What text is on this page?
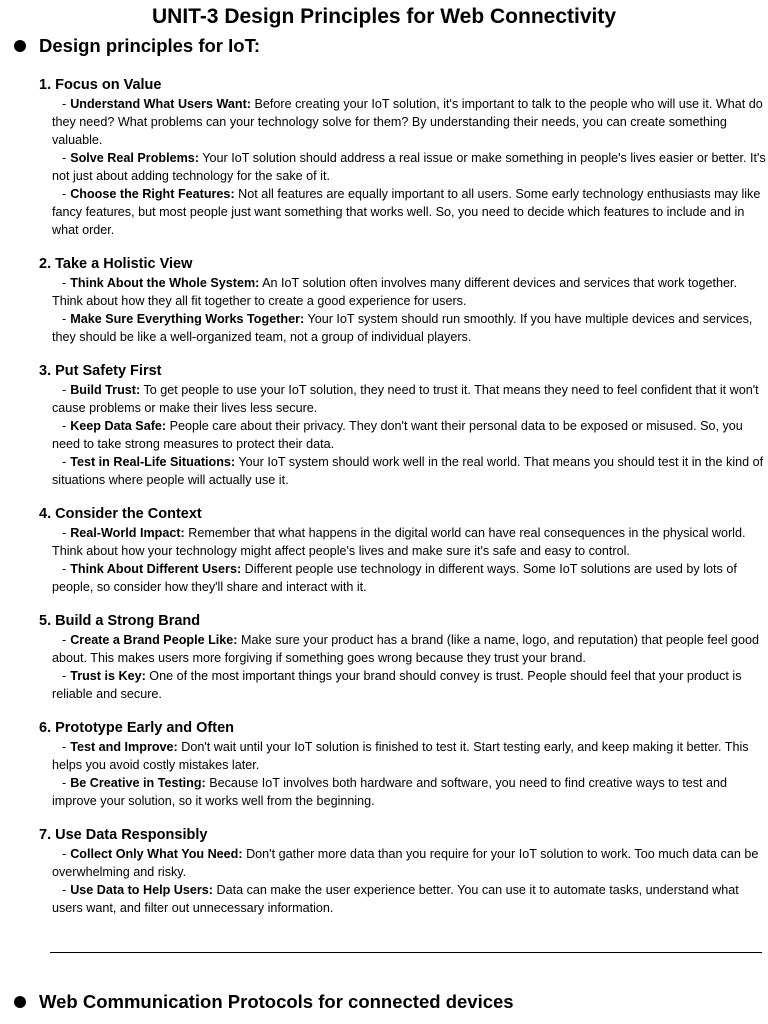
UNIT-3 Design Principles for Web Connectivity
Design principles for IoT:
1. Focus on Value

- Understand What Users Want: Before creating your IoT solution, it's important to talk to the people who will use it. What do they need? What problems can your technology solve for them? By understanding their needs, you can create something valuable.

- Solve Real Problems: Your IoT solution should address a real issue or make something in people's lives easier or better. It's not just about adding technology for the sake of it.

- Choose the Right Features: Not all features are equally important to all users. Some early technology enthusiasts may like fancy features, but most people just want something that works well. So, you need to decide which features to include and in what order.

2. Take a Holistic View

- Think About the Whole System: An IoT solution often involves many different devices and services that work together. Think about how they all fit together to create a good experience for users.

- Make Sure Everything Works Together: Your IoT system should run smoothly. If you have multiple devices and services, they should be like a well-organized team, not a group of individual players.

3. Put Safety First

- Build Trust: To get people to use your IoT solution, they need to trust it. That means they need to feel confident that it won't cause problems or make their lives less secure.

- Keep Data Safe: People care about their privacy. They don't want their personal data to be exposed or misused. So, you need to take strong measures to protect their data.

- Test in Real-Life Situations: Your IoT system should work well in the real world. That means you should test it in the kind of situations where people will actually use it.

4. Consider the Context

- Real-World Impact: Remember that what happens in the digital world can have real consequences in the physical world. Think about how your technology might affect people's lives and make sure it's safe and easy to control.

- Think About Different Users: Different people use technology in different ways. Some IoT solutions are used by lots of people, so consider how they'll share and interact with it.

5. Build a Strong Brand

- Create a Brand People Like: Make sure your product has a brand (like a name, logo, and reputation) that people feel good about. This makes users more forgiving if something goes wrong because they trust your brand.

- Trust is Key: One of the most important things your brand should convey is trust. People should feel that your product is reliable and secure.

6. Prototype Early and Often

- Test and Improve: Don't wait until your IoT solution is finished to test it. Start testing early, and keep making it better. This helps you avoid costly mistakes later.

- Be Creative in Testing: Because IoT involves both hardware and software, you need to find creative ways to test and improve your solution, so it works well from the beginning.

7. Use Data Responsibly

- Collect Only What You Need: Don't gather more data than you require for your IoT solution to work. Too much data can be overwhelming and risky.

- Use Data to Help Users: Data can make the user experience better. You can use it to automate tasks, understand what users want, and filter out unnecessary information.

Web Communication Protocols for connected devices
